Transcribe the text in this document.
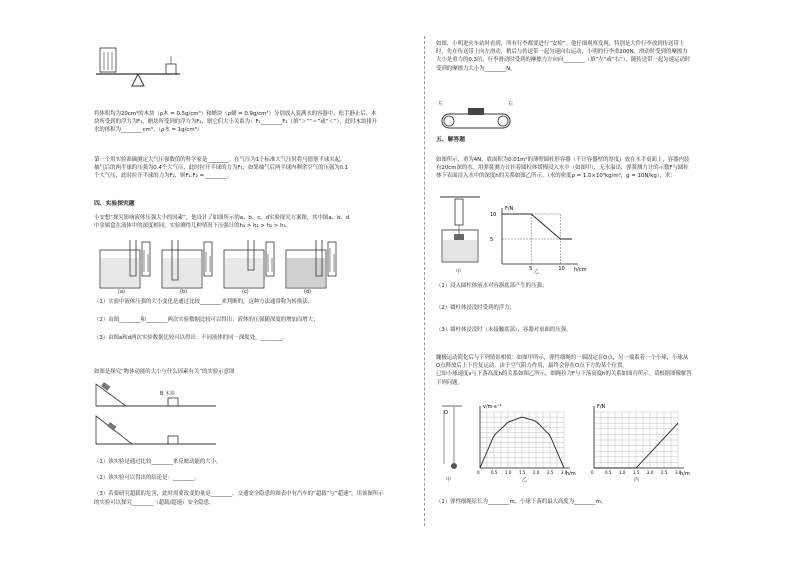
将体积均为20cm³的木块（ρ木 = 0.5g/cm³）和蜡块（ρ蜡 = 0.9g/cm³）分别放入装满水的容器中，松手静止后，木

块所受到的浮力为F₁，蜡块所受到的浮力为F₂，则它们大小关系为：F₁________F₂（填“＞”“＝”或“＜”），此时木块排开

水的体积为________cm³。（ρ水 = 1g/cm³）

第一个用实验准确测定大气压强数值的科学家是________。在气压为1个标准大气压时将马德堡半球夹起，

抽气后的两半球的压强为0.4个大气压，此时拉开半球的力为F₁；如果抽气后两半球内剩余空气的压强为0.1

个大气压，此时拉开半球的力为F₂，则F₁:F₂ = ________。

四、实验探究题

小安想“探究影响液体压强大小的因素”，他设计了如图所示的a、b、c、d实验探究方案图，其中图a、b、d

中金属盒在液体中的深度相同，实验测得几种情况下压强计的h₄ > h₁ > h₂ > h₃。

(a)	(b)	(c)	(d)

（1）实验中液体压强的大小变化是通过比较________来判断的，这种方法通常称为转换法；

（2）由图________和________两次实验数据比较可以得出：液体的压强随深度的增加而增大；

（3）由图a和d两次实验数据比较可以得出：不同液体的同一深度处，________。

如图是探究“物体动能的大小与什么因素有关”的实验示意图

B 木块

（1）该实验是通过比较________来反映动能的大小。

（2）该实验可以得出的结论是：________。

（3）若要研究超载的危害，此时需要改变的量是________。交通安全隐患的图表中有汽车的“超载”与“超速”，用该图所示

的实验可以探究________（超载/超速）安全隐患。

如图，小明进火车站时看到，所有行李都要进行“安检”。他仔细观察发现，特别是大件行李放到传送带上

时，先在传送带上向左滑动，稍后与传送带一起匀速向右运动，小明的行李重200N，滑动时受到的摩擦力

大小是重力的0.3倍，行李滑动时受到的摩擦力方向向________（填“左”或“右”），随传送带一起匀速运动时

受到的摩擦力大小为________N。

左	右

五、解答题

如图所示，重为4N，底面积为0.01m²的薄壁圆柱形容器（不计容器壁的厚度）放在水平桌面上，容器内装

有20cm深的水。用弹簧测力计挂着圆柱体缓慢浸入水中（如图甲），无水溢出，弹簧测力计的示数F与圆柱

体下表面浸入水中的深度h的关系如图乙所示。（水的密度ρ = 1.0×10³kg/m³，g = 10N/kg），求：

甲
F/N
h/cm
5
10
5	10
乙

（1）浸入圆柱体前水对容器底部产生的压强；

（2）圆柱体浸没时受到的浮力；

（3）圆柱体浸没时（未接触底部），容器对桌面的压强。

蹦极运动简化后与下列情景相似：如图甲所示，弹性细绳的一端固定在O点，另一端系着一个小球，小球从

O点释放后上下往复运动。由于空气阻力作用，最终会停在O点下方的某个位置。

已知小球速度v与下落高度h的关系如图乙所示，细绳拉力F与下落高度h的关系如图丙所示。请根据图像解答

下列问题。

O
甲
v/m·s⁻¹
h/m
0	0.5 1.0 1.5 2.0 2.5 3.0
乙
F/N
h/m
0	0.5 1.0 1.5 2.0 2.5 3.0
丙

（1）弹性细绳原长为________m，小球下落的最大高度为________m。
